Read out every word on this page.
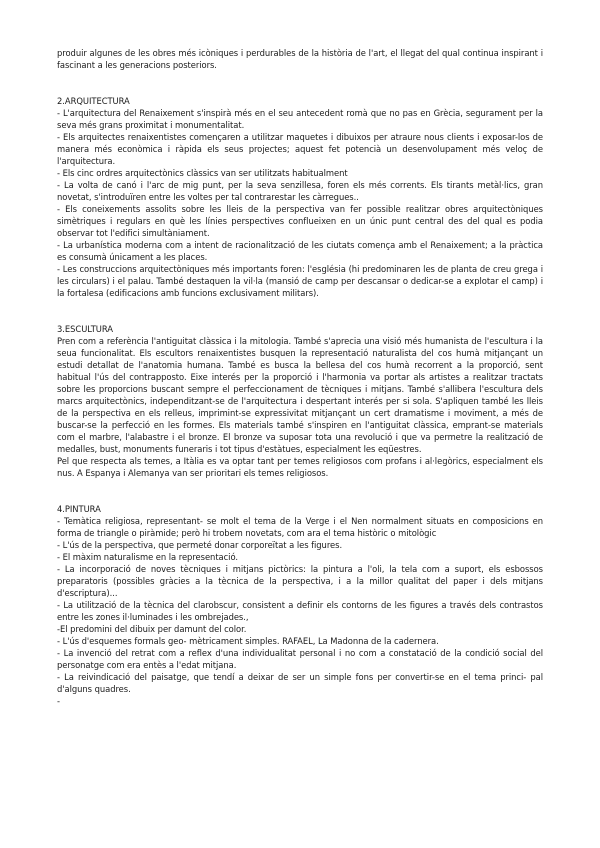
produir algunes de les obres més icòniques i perdurables de la història de l'art, el llegat del qual continua inspirant i fascinant a les generacions posteriors.

2.ARQUITECTURA

- L'arquitectura del Renaixement s'inspirà més en el seu antecedent romà que no pas en Grècia, segurament per la seva més grans proximitat i monumentalitat.

- Els arquitectes renaixentistes començaren a utilitzar maquetes i dibuixos per atraure nous clients i exposar-los de manera més econòmica i ràpida els seus projectes; aquest fet potencià un desenvolupament més veloç de l'arquitectura.

- Els cinc ordres arquitectònics clàssics van ser utilitzats habitualment

- La volta de canó i l'arc de mig punt, per la seva senzillesa, foren els més corrents. Els tirants metàl·lics, gran novetat, s'introduïren entre les voltes per tal contrarestar les càrregues..

- Els coneixements assolits sobre les lleis de la perspectiva van fer possible realitzar obres arquitectòniques simètriques i regulars en què les línies perspectives conflueixen en un únic punt central des del qual es podia observar tot l'edifici simultàniament.

- La urbanística moderna com a intent de racionalització de les ciutats comença amb el Renaixement; a la pràctica es consumà únicament a les places.

- Les construccions arquitectòniques més importants foren: l'església (hi predominaren les de planta de creu grega i les circulars) i el palau. També destaquen la vil·la (mansió de camp per descansar o dedicar-se a explotar el camp) i la fortalesa (edificacions amb funcions exclusivament militars).

3.ESCULTURA

Pren com a referència l'antiguitat clàssica i la mitologia. També s'aprecia una visió més humanista de l'escultura i la seua funcionalitat. Els escultors renaixentistes busquen la representació naturalista del cos humà mitjançant un estudi detallat de l'anatomia humana. També es busca la bellesa del cos humà recorrent a la proporció, sent habitual l'ús del contrapposto. Eixe interés per la proporció i l'harmonia va portar als artistes a realitzar tractats sobre les proporcions buscant sempre el perfeccionament de tècniques i mitjans. També s'allibera l'escultura dels marcs arquitectònics, independitzant-se de l'arquitectura i despertant interés per si sola. S'apliquen també les lleis de la perspectiva en els relleus, imprimint-se expressivitat mitjançant un cert dramatisme i moviment, a més de buscar-se la perfecció en les formes. Els materials també s'inspiren en l'antiguitat clàssica, emprant-se materials com el marbre, l'alabastre i el bronze. El bronze va suposar tota una revolució i que va permetre la realització de medalles, bust, monuments funeraris i tot tipus d'estàtues, especialment les eqüestres.

Pel que respecta als temes, a Itàlia es va optar tant per temes religiosos com profans i al·legòrics, especialment els nus. A Espanya i Alemanya van ser prioritari els temes religiosos.

4.PINTURA

- Temàtica religiosa, representant- se molt el tema de la Verge i el Nen normalment situats en composicions en forma de triangle o piràmide; però hi trobem novetats, com ara el tema històric o mitològic

- L'ús de la perspectiva, que permeté donar corporeïtat a les figures.

- El màxim naturalisme en la representació.

- La incorporació de noves tècniques i mitjans pictòrics: la pintura a l'oli, la tela com a suport, els esbossos preparatoris (possibles gràcies a la tècnica de la perspectiva, i a la millor qualitat del paper i dels mitjans d'escriptura)...

- La utilització de la tècnica del clarobscur, consistent a definir els contorns de les figures a través dels contrastos entre les zones il·luminades i les ombrejades.,

-El predomini del dibuix per damunt del color.

- L'ús d'esquemes formals geo- mètricament simples. RAFAEL, La Madonna de la cadernera.

- La invenció del retrat com a reflex d'una individualitat personal i no com a constatació de la condició social del personatge com era entès a l'edat mitjana.

- La reivindicació del paisatge, que tendí a deixar de ser un simple fons per convertir-se en el tema princi- pal d'alguns quadres.

-
